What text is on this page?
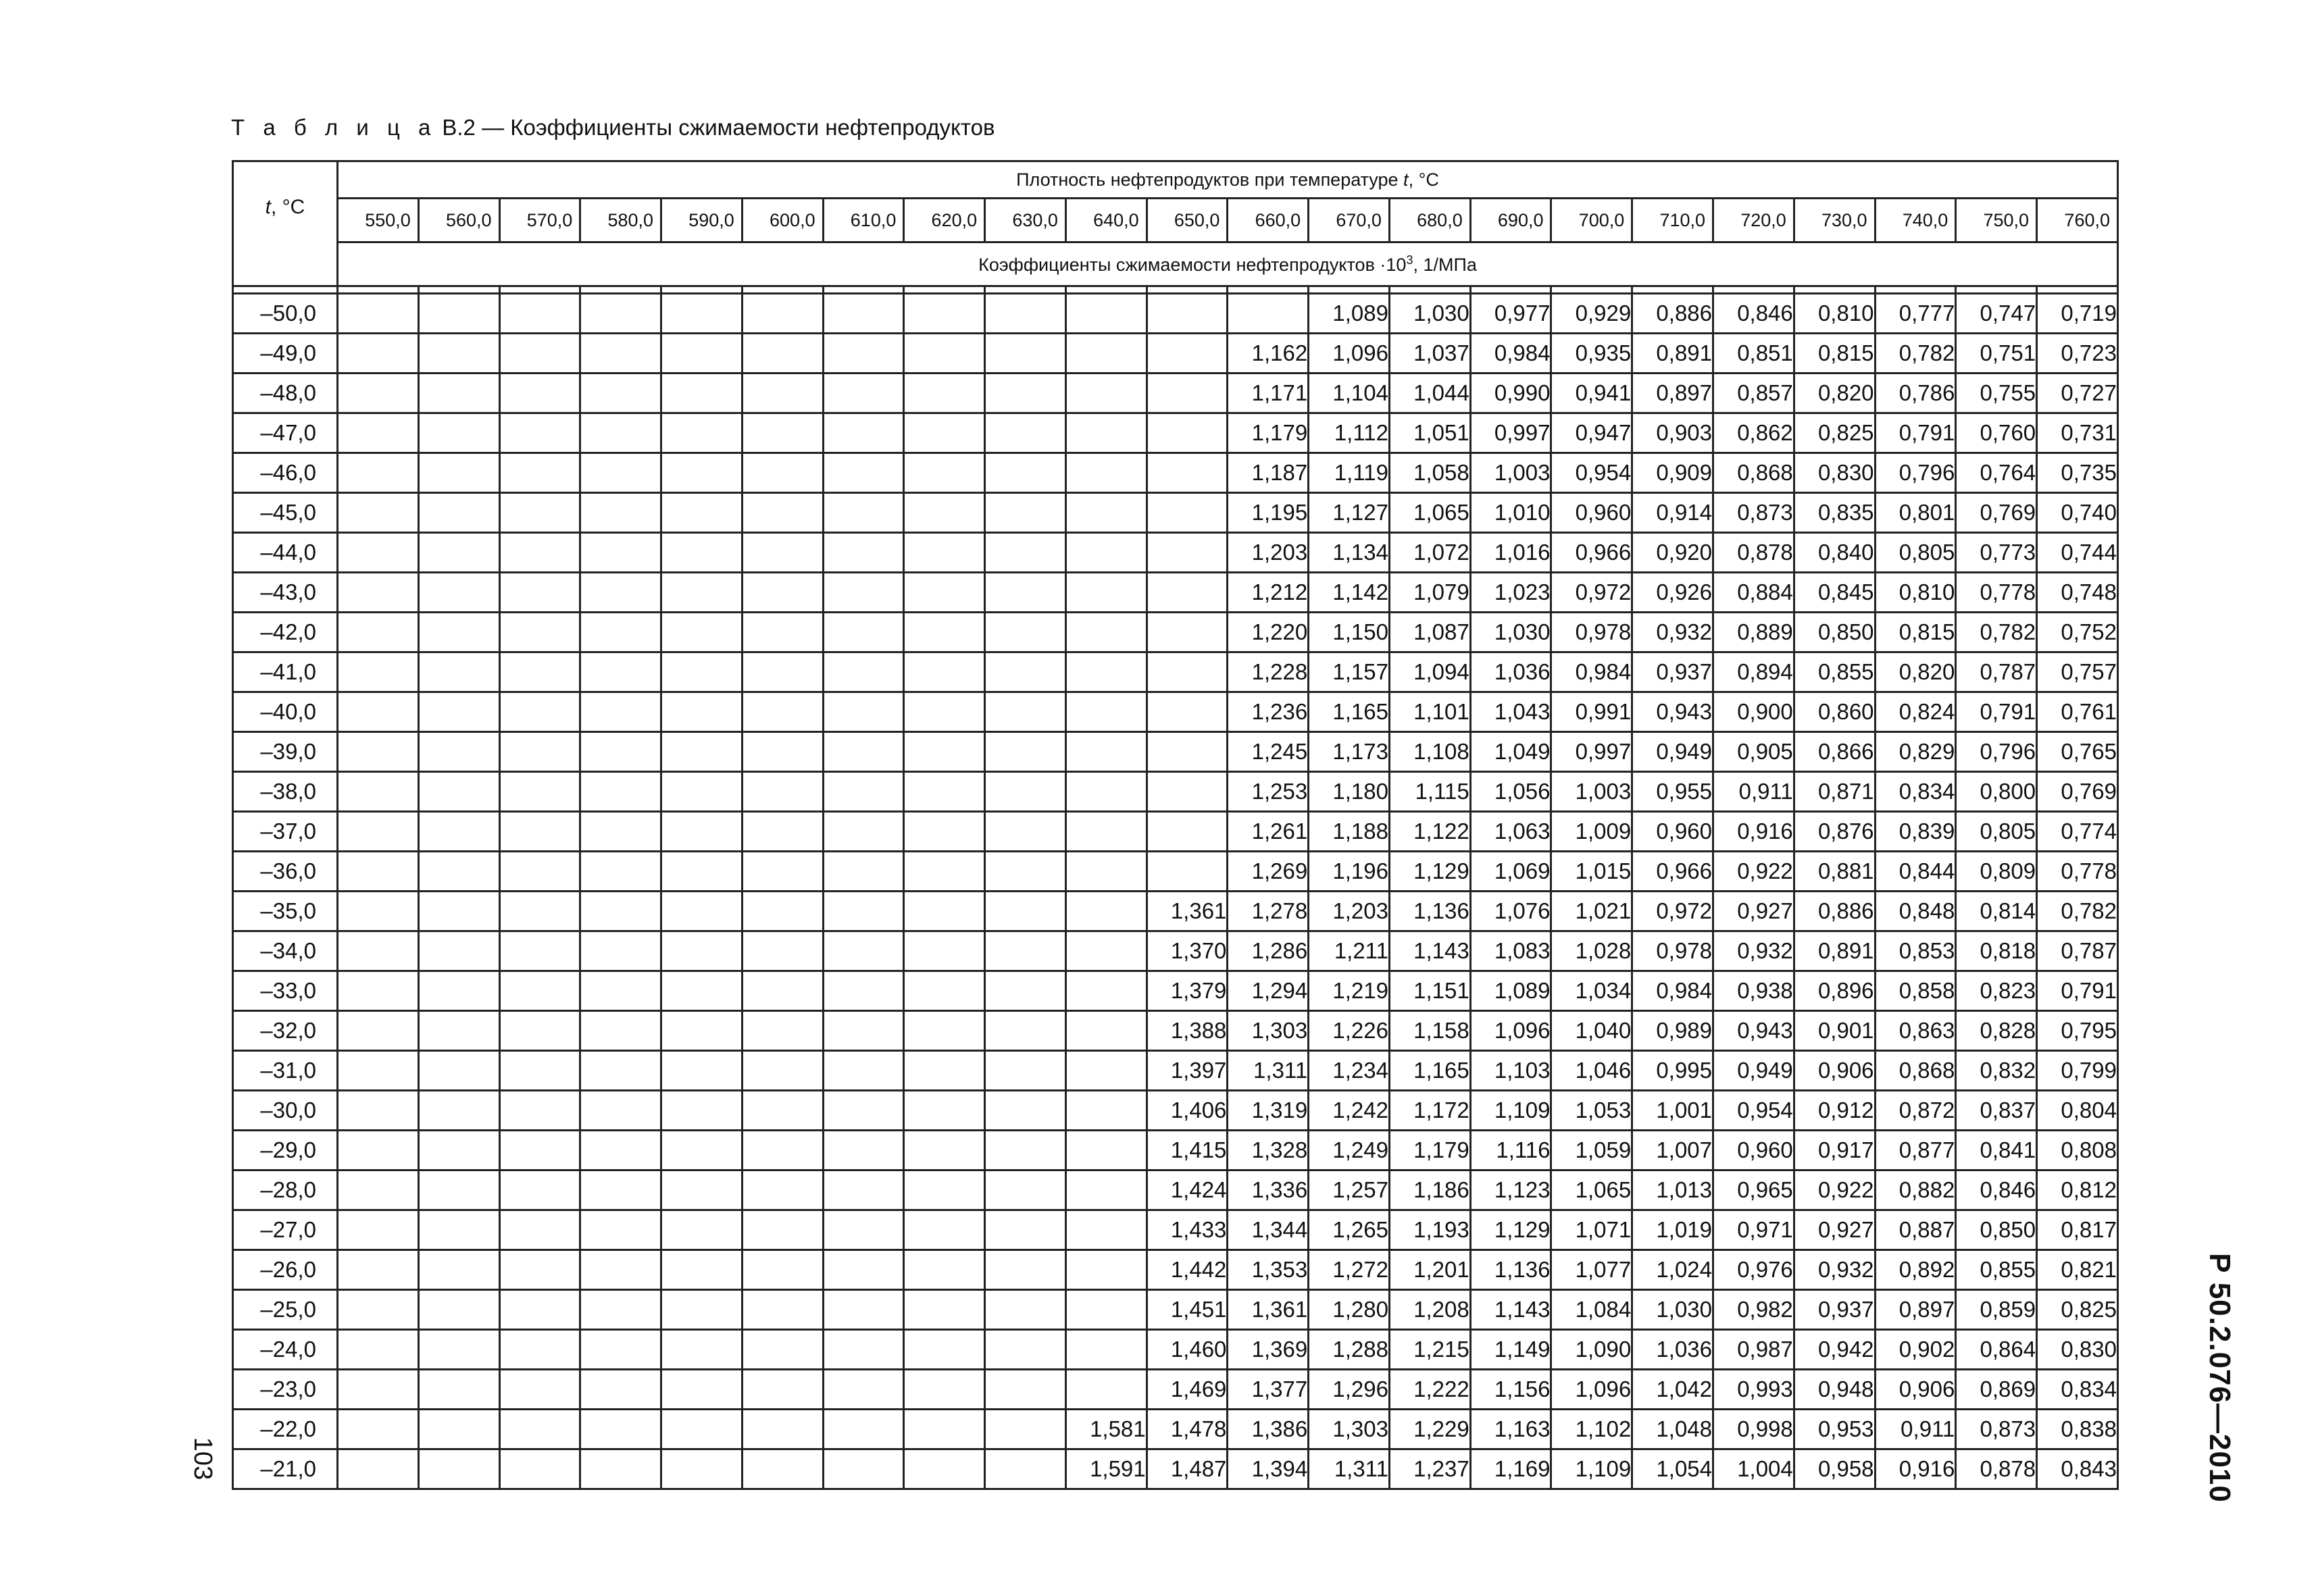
Т а б л и ц а В.2 — Коэффициенты сжимаемости нефтепродуктов
t, °C	Плотность нефтепродуктов при температуре t, °C																					
	550,0	560,0	570,0	580,0	590,0	600,0	610,0	620,0	630,0	640,0	650,0	660,0	670,0	680,0	690,0	700,0	710,0	720,0	730,0	740,0	750,0	760,0
	Коэффициенты сжимаемости нефтепродуктов $\cdot 10^3$, 1/МПа																					

–50,0													1,089	1,030	0,977	0,929	0,886	0,846	0,810	0,777	0,747	0,719
–49,0												1,162	1,096	1,037	0,984	0,935	0,891	0,851	0,815	0,782	0,751	0,723
–48,0												1,171	1,104	1,044	0,990	0,941	0,897	0,857	0,820	0,786	0,755	0,727
–47,0												1,179	1,112	1,051	0,997	0,947	0,903	0,862	0,825	0,791	0,760	0,731
–46,0												1,187	1,119	1,058	1,003	0,954	0,909	0,868	0,830	0,796	0,764	0,735
–45,0												1,195	1,127	1,065	1,010	0,960	0,914	0,873	0,835	0,801	0,769	0,740
–44,0												1,203	1,134	1,072	1,016	0,966	0,920	0,878	0,840	0,805	0,773	0,744
–43,0												1,212	1,142	1,079	1,023	0,972	0,926	0,884	0,845	0,810	0,778	0,748
–42,0												1,220	1,150	1,087	1,030	0,978	0,932	0,889	0,850	0,815	0,782	0,752
–41,0												1,228	1,157	1,094	1,036	0,984	0,937	0,894	0,855	0,820	0,787	0,757
–40,0												1,236	1,165	1,101	1,043	0,991	0,943	0,900	0,860	0,824	0,791	0,761
–39,0												1,245	1,173	1,108	1,049	0,997	0,949	0,905	0,866	0,829	0,796	0,765
–38,0												1,253	1,180	1,115	1,056	1,003	0,955	0,911	0,871	0,834	0,800	0,769
–37,0												1,261	1,188	1,122	1,063	1,009	0,960	0,916	0,876	0,839	0,805	0,774
–36,0												1,269	1,196	1,129	1,069	1,015	0,966	0,922	0,881	0,844	0,809	0,778
–35,0											1,361	1,278	1,203	1,136	1,076	1,021	0,972	0,927	0,886	0,848	0,814	0,782
–34,0											1,370	1,286	1,211	1,143	1,083	1,028	0,978	0,932	0,891	0,853	0,818	0,787
–33,0											1,379	1,294	1,219	1,151	1,089	1,034	0,984	0,938	0,896	0,858	0,823	0,791
–32,0											1,388	1,303	1,226	1,158	1,096	1,040	0,989	0,943	0,901	0,863	0,828	0,795
–31,0											1,397	1,311	1,234	1,165	1,103	1,046	0,995	0,949	0,906	0,868	0,832	0,799
–30,0											1,406	1,319	1,242	1,172	1,109	1,053	1,001	0,954	0,912	0,872	0,837	0,804
–29,0											1,415	1,328	1,249	1,179	1,116	1,059	1,007	0,960	0,917	0,877	0,841	0,808
–28,0											1,424	1,336	1,257	1,186	1,123	1,065	1,013	0,965	0,922	0,882	0,846	0,812
–27,0											1,433	1,344	1,265	1,193	1,129	1,071	1,019	0,971	0,927	0,887	0,850	0,817
–26,0											1,442	1,353	1,272	1,201	1,136	1,077	1,024	0,976	0,932	0,892	0,855	0,821
–25,0											1,451	1,361	1,280	1,208	1,143	1,084	1,030	0,982	0,937	0,897	0,859	0,825
–24,0											1,460	1,369	1,288	1,215	1,149	1,090	1,036	0,987	0,942	0,902	0,864	0,830
–23,0											1,469	1,377	1,296	1,222	1,156	1,096	1,042	0,993	0,948	0,906	0,869	0,834
–22,0										1,581	1,478	1,386	1,303	1,229	1,163	1,102	1,048	0,998	0,953	0,911	0,873	0,838
–21,0										1,591	1,487	1,394	1,311	1,237	1,169	1,109	1,054	1,004	0,958	0,916	0,878	0,843
103	Р 50.2.076—2010
